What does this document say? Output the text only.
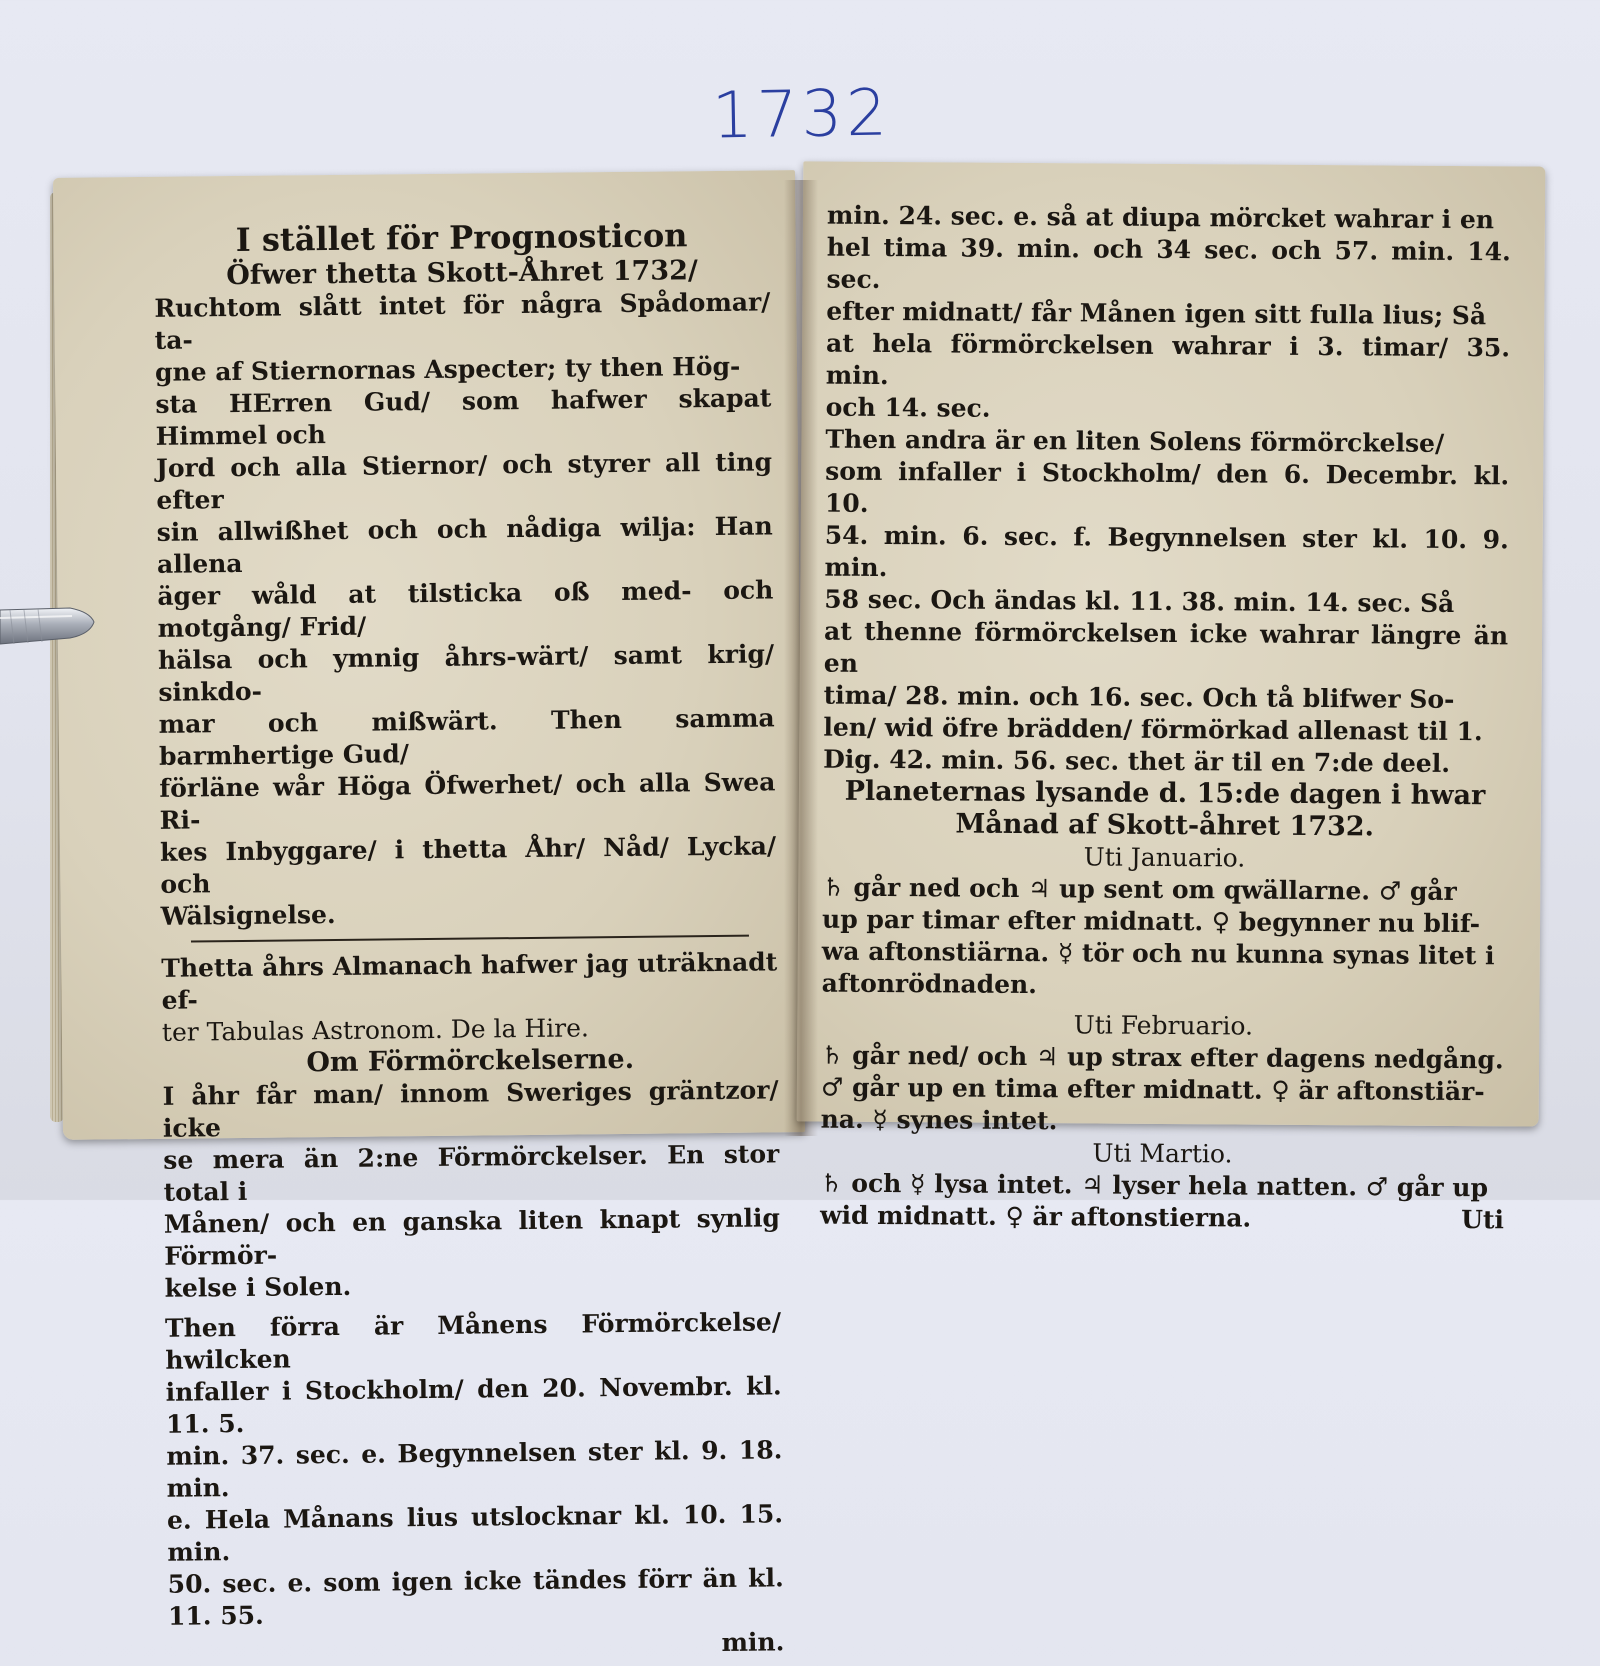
1732

I stället för Prognosticon

Öfwer thetta Skott-Åhret 1732/

Ruchtom slått intet för några Spådomar/ ta-

gne af Stiernornas Aspecter; ty then Hög-

sta HErren Gud/ som hafwer skapat Himmel och

Jord och alla Stiernor/ och styrer all ting efter

sin allwißhet och och nådiga wilja: Han allena

äger wåld at tilsticka oß med- och motgång/ Frid/

hälsa och ymnig åhrs-wärt/ samt krig/ sinkdo-

mar och mißwärt. Then samma barmhertige Gud/

förläne wår Höga Öfwerhet/ och alla Swea Ri-

kes Inbyggare/ i thetta Åhr/ Nåd/ Lycka/ och

Wälsignelse.

Thetta åhrs Almanach hafwer jag uträknadt ef-

ter Tabulas Astronom. De la Hire.

Om Förmörckelserne.

I åhr får man/ innom Sweriges gräntzor/ icke

se mera än 2:ne Förmörckelser. En stor total i

Månen/ och en ganska liten knapt synlig Förmör-

kelse i Solen.

Then förra är Månens Förmörckelse/ hwilcken

infaller i Stockholm/ den 20. Novembr. kl. 11. 5.

min. 37. sec. e. Begynnelsen ster kl. 9. 18. min.

e. Hela Månans lius utslocknar kl. 10. 15. min.

50. sec. e. som igen icke tändes förr än kl. 11. 55.

min.

min. 24. sec. e. så at diupa mörcket wahrar i en

hel tima 39. min. och 34 sec. och 57. min. 14. sec.

efter midnatt/ får Månen igen sitt fulla lius; Så

at hela förmörckelsen wahrar i 3. timar/ 35. min.

och 14. sec.

Then andra är en liten Solens förmörckelse/

som infaller i Stockholm/ den 6. Decembr. kl. 10.

54. min. 6. sec. f. Begynnelsen ster kl. 10. 9. min.

58 sec. Och ändas kl. 11. 38. min. 14. sec. Så

at thenne förmörckelsen icke wahrar längre än en

tima/ 28. min. och 16. sec. Och tå blifwer So-

len/ wid öfre brädden/ förmörkad allenast til 1.

Dig. 42. min. 56. sec. thet är til en 7:de deel.

Planeternas lysande d. 15:de dagen i hwar

Månad af Skott-åhret 1732.

Uti Januario.

♄ går ned och ♃ up sent om qwällarne. ♂ går

up par timar efter midnatt. ♀ begynner nu blif-

wa aftonstiärna. ☿ tör och nu kunna synas litet i

aftonrödnaden.

Uti Februario.

♄ går ned/ och ♃ up strax efter dagens nedgång.

♂ går up en tima efter midnatt. ♀ är aftonstiär-

na. ☿ synes intet.

Uti Martio.

♄ och ☿ lysa intet. ♃ lyser hela natten. ♂ går up

wid midnatt. ♀ är aftonstierna.	Uti
